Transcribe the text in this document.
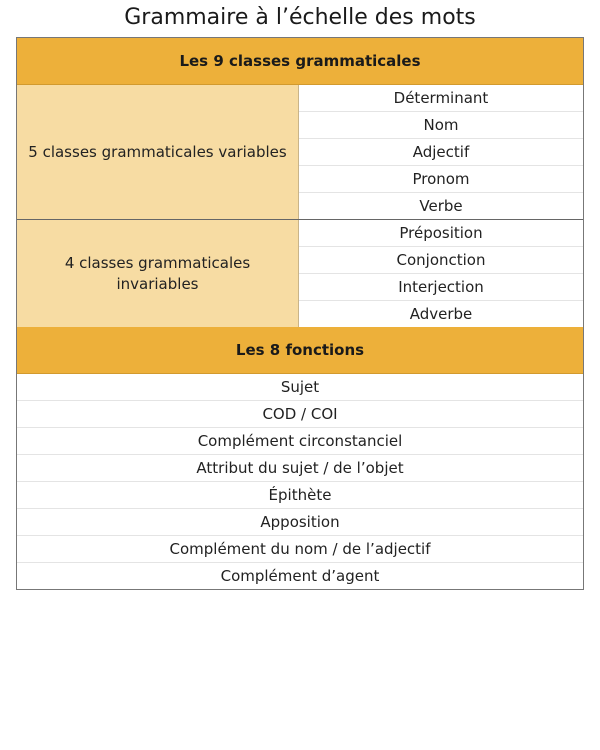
Grammaire à l’échelle des mots
Les 9 classes grammaticales
5 classes grammaticales variables
Déterminant
Nom
Adjectif
Pronom
Verbe
4 classes grammaticales invariables
Préposition
Conjonction
Interjection
Adverbe
Les 8 fonctions
Sujet
COD / COI
Complément circonstanciel
Attribut du sujet / de l’objet
Épithète
Apposition
Complément du nom / de l’adjectif
Complément d’agent
